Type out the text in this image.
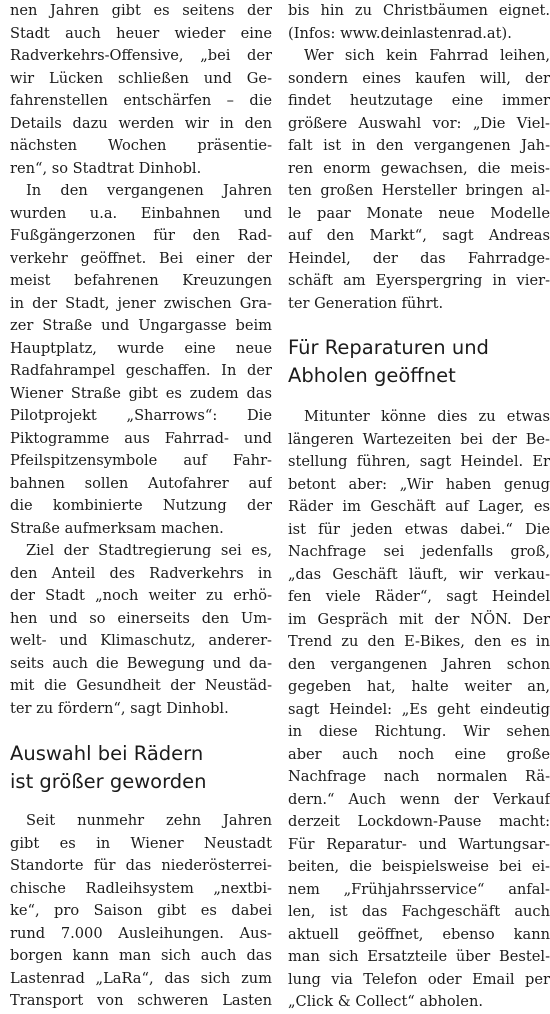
nen Jahren gibt es seitens der
Stadt auch heuer wieder eine
Radverkehrs-Offensive, „bei der
wir Lücken schließen und Ge-
fahrenstellen entschärfen – die
Details dazu werden wir in den
nächsten Wochen präsentie-
ren“, so Stadtrat Dinhobl.
In den vergangenen Jahren
wurden u.a. Einbahnen und
Fußgängerzonen für den Rad-
verkehr geöffnet. Bei einer der
meist befahrenen Kreuzungen
in der Stadt, jener zwischen Gra-
zer Straße und Ungargasse beim
Hauptplatz, wurde eine neue
Radfahrampel geschaffen. In der
Wiener Straße gibt es zudem das
Pilotprojekt „Sharrows“: Die
Piktogramme aus Fahrrad- und
Pfeilspitzensymbole auf Fahr-
bahnen sollen Autofahrer auf
die kombinierte Nutzung der
Straße aufmerksam machen.
Ziel der Stadtregierung sei es,
den Anteil des Radverkehrs in
der Stadt „noch weiter zu erhö-
hen und so einerseits den Um-
welt- und Klimaschutz, anderer-
seits auch die Bewegung und da-
mit die Gesundheit der Neustäd-
ter zu fördern“, sagt Dinhobl.
Auswahl bei Rädern
ist größer geworden
Seit nunmehr zehn Jahren
gibt es in Wiener Neustadt
Standorte für das niederösterrei-
chische Radleihsystem „nextbi-
ke“, pro Saison gibt es dabei
rund 7.000 Ausleihungen. Aus-
borgen kann man sich auch das
Lastenrad „LaRa“, das sich zum
Transport von schweren Lasten
bis hin zu Christbäumen eignet.
(Infos: www.deinlastenrad.at).
Wer sich kein Fahrrad leihen,
sondern eines kaufen will, der
findet heutzutage eine immer
größere Auswahl vor: „Die Viel-
falt ist in den vergangenen Jah-
ren enorm gewachsen, die meis-
ten großen Hersteller bringen al-
le paar Monate neue Modelle
auf den Markt“, sagt Andreas
Heindel, der das Fahrradge-
schäft am Eyerspergring in vier-
ter Generation führt.
Für Reparaturen und
Abholen geöffnet
Mitunter könne dies zu etwas
längeren Wartezeiten bei der Be-
stellung führen, sagt Heindel. Er
betont aber: „Wir haben genug
Räder im Geschäft auf Lager, es
ist für jeden etwas dabei.“ Die
Nachfrage sei jedenfalls groß,
„das Geschäft läuft, wir verkau-
fen viele Räder“, sagt Heindel
im Gespräch mit der NÖN. Der
Trend zu den E-Bikes, den es in
den vergangenen Jahren schon
gegeben hat, halte weiter an,
sagt Heindel: „Es geht eindeutig
in diese Richtung. Wir sehen
aber auch noch eine große
Nachfrage nach normalen Rä-
dern.“ Auch wenn der Verkauf
derzeit Lockdown-Pause macht:
Für Reparatur- und Wartungsar-
beiten, die beispielsweise bei ei-
nem „Frühjahrsservice“ anfal-
len, ist das Fachgeschäft auch
aktuell geöffnet, ebenso kann
man sich Ersatzteile über Bestel-
lung via Telefon oder Email per
„Click & Collect“ abholen.
